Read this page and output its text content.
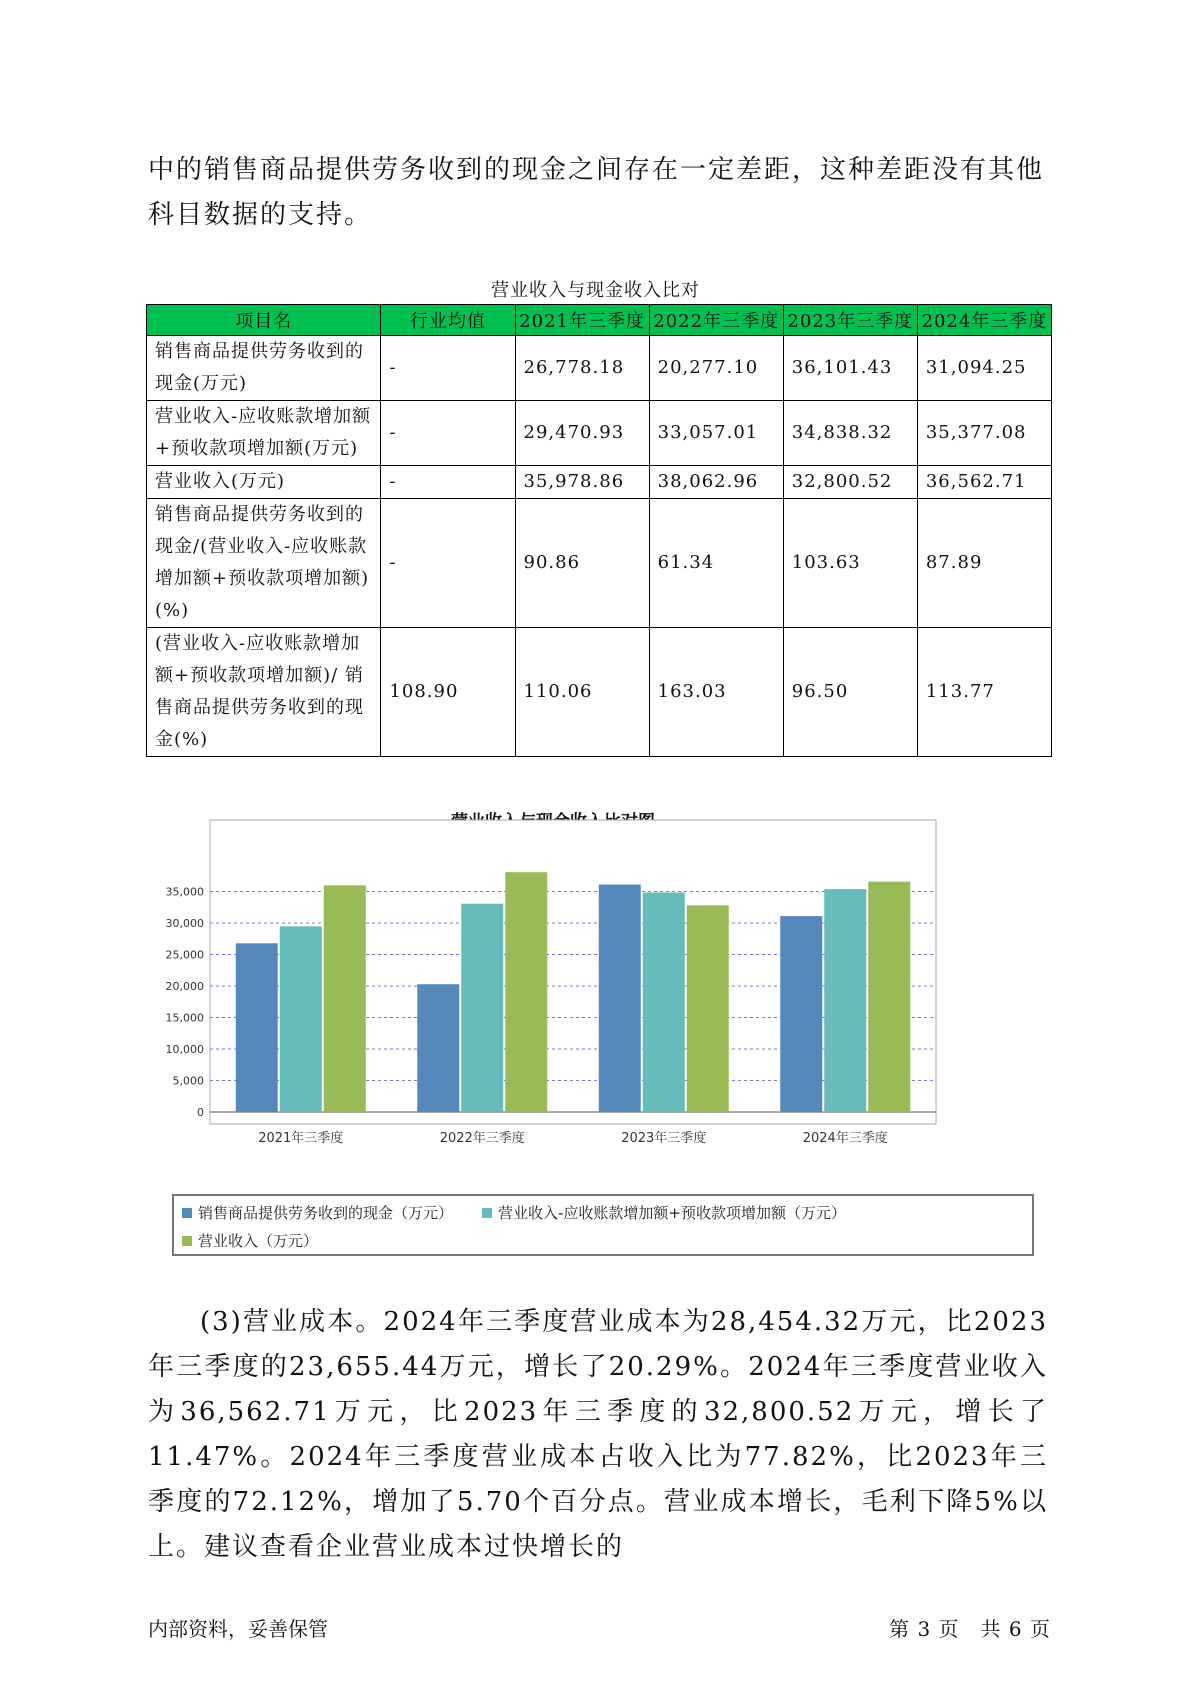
中的销售商品提供劳务收到的现金之间存在一定差距，这种差距没有其他科目数据的支持。

营业收入与现金收入比对
项目名	行业均值	2021年三季度	2022年三季度	2023年三季度	2024年三季度
销售商品提供劳务收到的现金(万元)	-	26,778.18	20,277.10	36,101.43	31,094.25
营业收入-应收账款增加额+预收款项增加额(万元)	-	29,470.93	33,057.01	34,838.32	35,377.08
营业收入(万元)	-	35,978.86	38,062.96	32,800.52	36,562.71
销售商品提供劳务收到的现金/(营业收入-应收账款增加额+预收款项增加额)(%)	-	90.86	61.34	103.63	87.89
(营业收入-应收账款增加额+预收款项增加额)/ 销售商品提供劳务收到的现金(%)	108.90	110.06	163.03	96.50	113.77
0
5,000
10,000
15,000
20,000
25,000
30,000
35,000
2021年三季度	2022年三季度	2023年三季度	2024年三季度
销售商品提供劳务收到的现金（万元）	营业收入-应收账款增加额+预收款项增加额（万元）
营业收入（万元）

(3)营业成本。2024年三季度营业成本为28,454.32万元，比2023年三季度的23,655.44万元，增长了20.29%。2024年三季度营业收入为36,562.71万元，比2023年三季度的32,800.52万元，增长了11.47%。2024年三季度营业成本占收入比为77.82%，比2023年三季度的72.12%，增加了5.70个百分点。营业成本增长，毛利下降5%以上。建议查看企业营业成本过快增长的

内部资料，妥善保管	第 3 页　共 6 页
